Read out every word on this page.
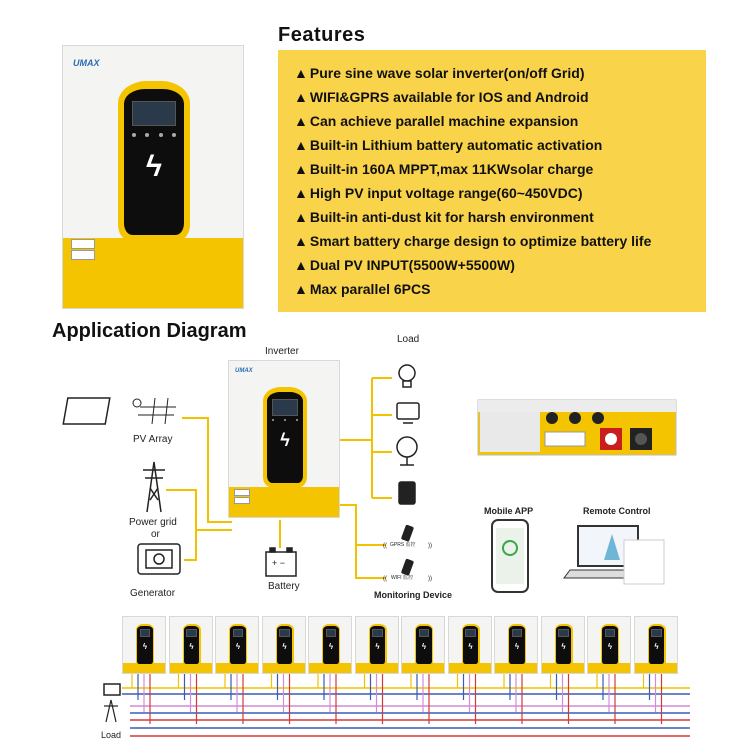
UMAX
ϟ
Features
▲ Pure sine wave solar inverter(on/off Grid)
▲ WIFI&GPRS available for IOS and Android
▲ Can achieve parallel machine expansion
▲ Built-in Lithium battery automatic activation
▲ Built-in 160A MPPT,max 11KWsolar charge
▲ High PV input voltage range(60~450VDC)
▲ Built-in anti-dust kit for harsh environment
▲ Smart battery charge design to optimize battery life
▲ Dual PV INPUT(5500W+5500W)
▲ Max parallel 6PCS
Application Diagram
+ −
((	))
((	))
UMAX
ϟ
Inverter
Load
PV Array
Power grid
or
Generator
Battery
Monitoring Device
GPRS 监控
WIFI 监控
Mobile APP	Remote Control
Load
ϟ	ϟ	ϟ	ϟ	ϟ	ϟ	ϟ	ϟ	ϟ	ϟ	ϟ	ϟ
